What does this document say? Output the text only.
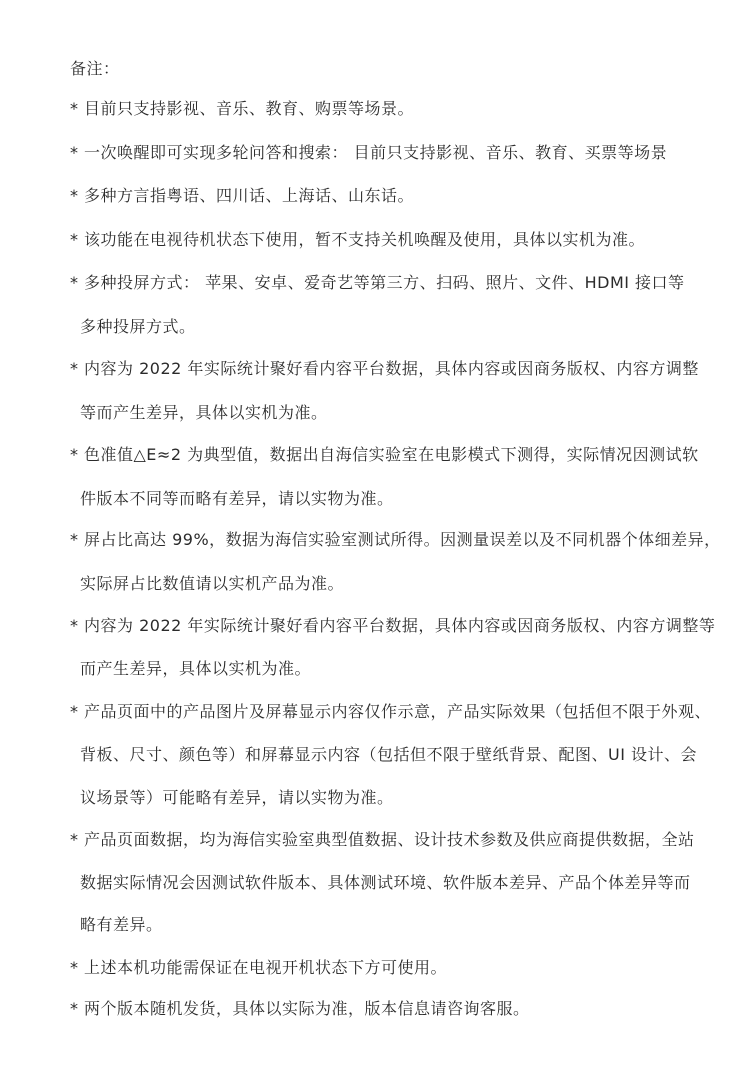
备注：
* 目前只支持影视、音乐、教育、购票等场景。
* 一次唤醒即可实现多轮问答和搜索： 目前只支持影视、音乐、教育、买票等场景
* 多种方言指粤语、四川话、上海话、山东话。
* 该功能在电视待机状态下使用，暂不支持关机唤醒及使用，具体以实机为准。
* 多种投屏方式： 苹果、安卓、爱奇艺等第三方、扫码、照片、文件、HDMI 接口等
多种投屏方式。
* 内容为 2022 年实际统计聚好看内容平台数据，具体内容或因商务版权、内容方调整
等而产生差异，具体以实机为准。
* 色准值△E≈2 为典型值，数据出自海信实验室在电影模式下测得，实际情况因测试软
件版本不同等而略有差异，请以实物为准。
* 屏占比高达 99%，数据为海信实验室测试所得。因测量误差以及不同机器个体细差异，
实际屏占比数值请以实机产品为准。
* 内容为 2022 年实际统计聚好看内容平台数据，具体内容或因商务版权、内容方调整等
而产生差异，具体以实机为准。
* 产品页面中的产品图片及屏幕显示内容仅作示意，产品实际效果（包括但不限于外观、
背板、尺寸、颜色等）和屏幕显示内容（包括但不限于壁纸背景、配图、UI 设计、会
议场景等）可能略有差异，请以实物为准。
* 产品页面数据，均为海信实验室典型值数据、设计技术参数及供应商提供数据，全站
数据实际情况会因测试软件版本、具体测试环境、软件版本差异、产品个体差异等而
略有差异。
* 上述本机功能需保证在电视开机状态下方可使用。
* 两个版本随机发货，具体以实际为准，版本信息请咨询客服。
